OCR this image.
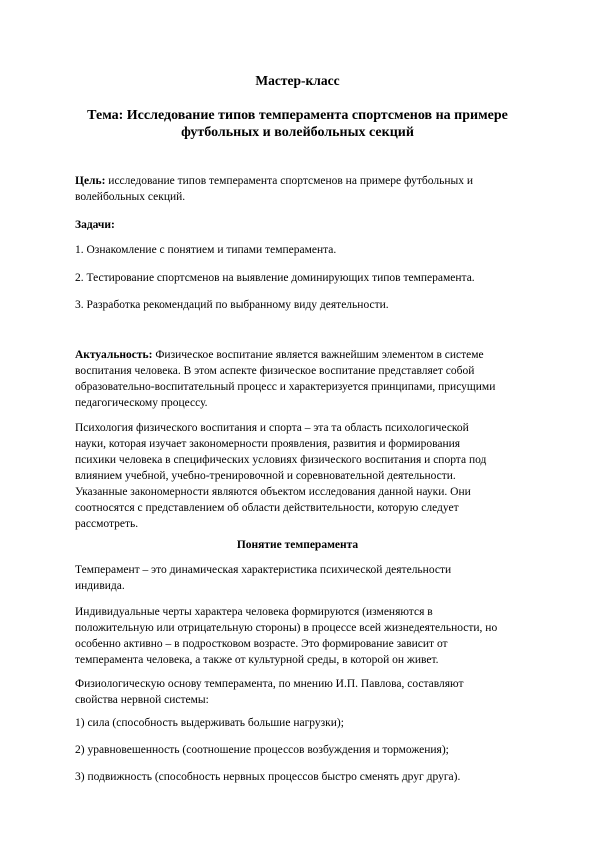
Мастер-класс
Тема: Исследование типов темперамента спортсменов на примере
футбольных и волейбольных секций
Цель: исследование типов темперамента спортсменов на примере футбольных и
волейбольных секций.
Задачи:
1. Ознакомление с понятием и типами темперамента.
2. Тестирование спортсменов на выявление доминирующих типов темперамента.
3. Разработка рекомендаций по выбранному виду деятельности.
Актуальность: Физическое воспитание является важнейшим элементом в системе
воспитания человека. В этом аспекте физическое воспитание представляет собой
образовательно-воспитательный процесс и характеризуется принципами, присущими
педагогическому процессу.
Психология физического воспитания и спорта – эта та область психологической
науки, которая изучает закономерности проявления, развития и формирования
психики человека в специфических условиях физического воспитания и спорта под
влиянием учебной, учебно-тренировочной и соревновательной деятельности.
Указанные закономерности являются объектом исследования данной науки. Они
соотносятся с представлением об области действительности, которую следует
рассмотреть.
Понятие темперамента
Темперамент – это динамическая характеристика психической деятельности
индивида.
Индивидуальные черты характера человека формируются (изменяются в
положительную или отрицательную стороны) в процессе всей жизнедеятельности, но
особенно активно – в подростковом возрасте. Это формирование зависит от
темперамента человека, а также от культурной среды, в которой он живет.
Физиологическую основу темперамента, по мнению И.П. Павлова, составляют
свойства нервной системы:
1) сила (способность выдерживать большие нагрузки);
2) уравновешенность (соотношение процессов возбуждения и торможения);
3) подвижность (способность нервных процессов быстро сменять друг друга).
